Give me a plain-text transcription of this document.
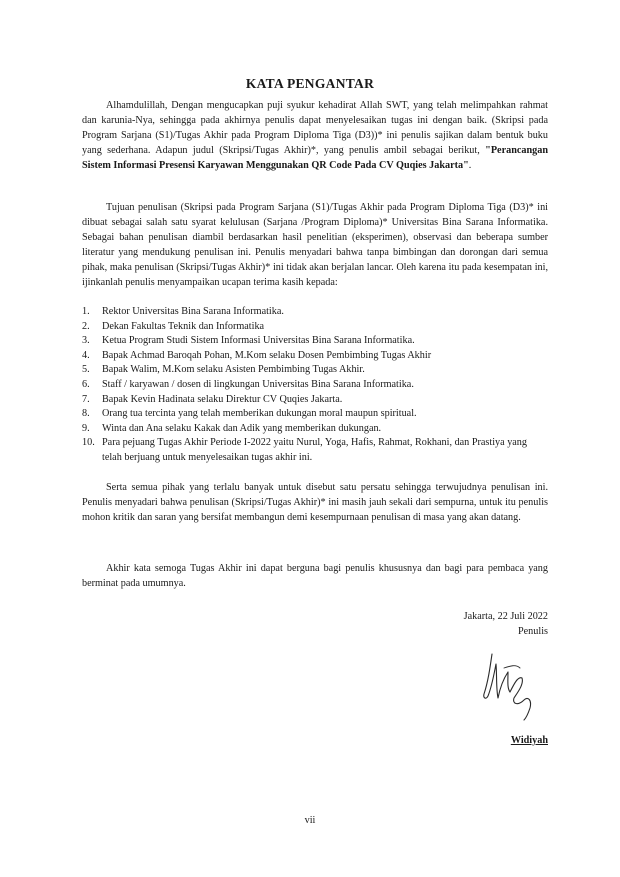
KATA PENGANTAR

Alhamdulillah, Dengan mengucapkan puji syukur kehadirat Allah SWT, yang telah melimpahkan rahmat dan karunia-Nya, sehingga pada akhirnya penulis dapat menyelesaikan tugas ini dengan baik. (Skripsi pada Program Sarjana (S1)/Tugas Akhir pada Program Diploma Tiga (D3))* ini penulis sajikan dalam bentuk buku yang sederhana. Adapun judul (Skripsi/Tugas Akhir)*, yang penulis ambil sebagai berikut, "Perancangan Sistem Informasi Presensi Karyawan Menggunakan QR Code Pada CV Quqies Jakarta".

Tujuan penulisan (Skripsi pada Program Sarjana (S1)/Tugas Akhir pada Program Diploma Tiga (D3)* ini dibuat sebagai salah satu syarat kelulusan (Sarjana /Program Diploma)* Universitas Bina Sarana Informatika. Sebagai bahan penulisan diambil berdasarkan hasil penelitian (eksperimen), observasi dan beberapa sumber literatur yang mendukung penulisan ini. Penulis menyadari bahwa tanpa bimbingan dan dorongan dari semua pihak, maka penulisan (Skripsi/Tugas Akhir)* ini tidak akan berjalan lancar. Oleh karena itu pada kesempatan ini, ijinkanlah penulis menyampaikan ucapan terima kasih kepada:

1.	Rektor Universitas Bina Sarana Informatika.
2.	Dekan Fakultas Teknik dan Informatika
3.	Ketua Program Studi Sistem Informasi Universitas Bina Sarana Informatika.
4.	Bapak Achmad Baroqah Pohan, M.Kom selaku Dosen Pembimbing Tugas Akhir
5.	Bapak Walim, M.Kom selaku Asisten Pembimbing Tugas Akhir.
6.	Staff / karyawan / dosen di lingkungan Universitas Bina Sarana Informatika.
7.	Bapak Kevin Hadinata selaku Direktur CV Quqies Jakarta.
8.	Orang tua tercinta yang telah memberikan dukungan moral maupun spiritual.
9.	Winta dan Ana selaku Kakak dan Adik yang memberikan dukungan.
10. Para pejuang Tugas Akhir Periode I-2022 yaitu Nurul, Yoga, Hafis, Rahmat, Rokhani, dan Prastiya yang telah berjuang untuk menyelesaikan tugas akhir ini.

Serta semua pihak yang terlalu banyak untuk disebut satu persatu sehingga terwujudnya penulisan ini. Penulis menyadari bahwa penulisan (Skripsi/Tugas Akhir)* ini masih jauh sekali dari sempurna, untuk itu penulis mohon kritik dan saran yang bersifat membangun demi kesempurnaan penulisan di masa yang akan datang.

Akhir kata semoga Tugas Akhir ini dapat berguna bagi penulis khususnya dan bagi para pembaca yang berminat pada umumnya.

Jakarta, 22 Juli 2022
Penulis
Widiyah
vii
